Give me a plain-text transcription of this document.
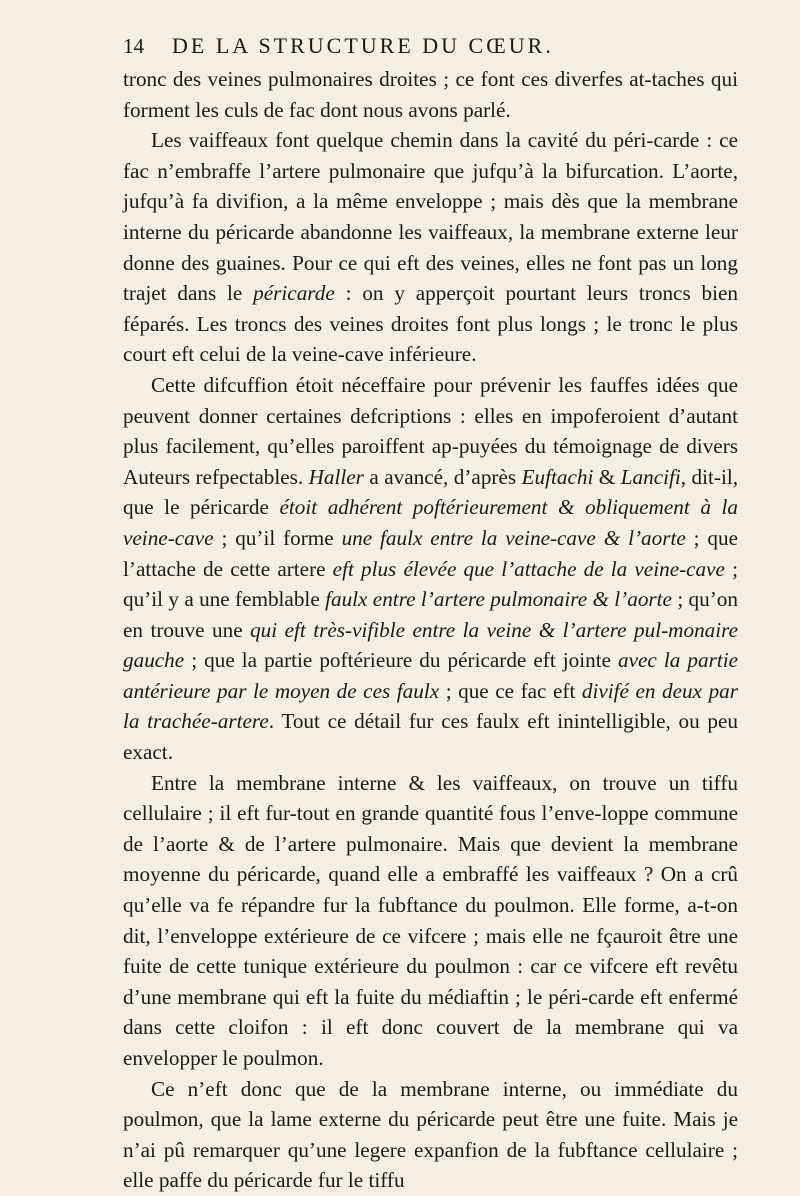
14 DE LA STRUCTURE DU CŒUR.

tronc des veines pulmonaires droites ; ce font ces diverfes at-taches qui forment les culs de fac dont nous avons parlé.

Les vaiffeaux font quelque chemin dans la cavité du péri-carde : ce fac n’embraffe l’artere pulmonaire que jufqu’à la bifurcation. L’aorte, jufqu’à fa divifion, a la même enveloppe ; mais dès que la membrane interne du péricarde abandonne les vaiffeaux, la membrane externe leur donne des guaines. Pour ce qui eft des veines, elles ne font pas un long trajet dans le péricarde : on y apperçoit pourtant leurs troncs bien féparés. Les troncs des veines droites font plus longs ; le tronc le plus court eft celui de la veine-cave inférieure.

Cette difcuffion étoit néceffaire pour prévenir les fauffes idées que peuvent donner certaines defcriptions : elles en impoferoient d’autant plus facilement, qu’elles paroiffent ap-puyées du témoignage de divers Auteurs refpectables. Haller a avancé, d’après Euftachi & Lancifi, dit-il, que le péricarde étoit adhérent poftérieurement & obliquement à la veine-cave ; qu’il forme une faulx entre la veine-cave & l’aorte ; que l’attache de cette artere eft plus élevée que l’attache de la veine-cave ; qu’il y a une femblable faulx entre l’artere pulmonaire & l’aorte ; qu’on en trouve une qui eft très-vifible entre la veine & l’artere pul-monaire gauche ; que la partie poftérieure du péricarde eft jointe avec la partie antérieure par le moyen de ces faulx ; que ce fac eft divifé en deux par la trachée-artere. Tout ce détail fur ces faulx eft inintelligible, ou peu exact.

Entre la membrane interne & les vaiffeaux, on trouve un tiffu cellulaire ; il eft fur-tout en grande quantité fous l’enve-loppe commune de l’aorte & de l’artere pulmonaire. Mais que devient la membrane moyenne du péricarde, quand elle a embraffé les vaiffeaux ? On a crû qu’elle va fe répandre fur la fubftance du poulmon. Elle forme, a-t-on dit, l’enveloppe extérieure de ce vifcere ; mais elle ne fçauroit être une fuite de cette tunique extérieure du poulmon : car ce vifcere eft revêtu d’une membrane qui eft la fuite du médiaftin ; le péri-carde eft enfermé dans cette cloifon : il eft donc couvert de la membrane qui va envelopper le poulmon.

Ce n’eft donc que de la membrane interne, ou immédiate du poulmon, que la lame externe du péricarde peut être une fuite. Mais je n’ai pû remarquer qu’une legere expanfion de la fubftance cellulaire ; elle paffe du péricarde fur le tiffu
